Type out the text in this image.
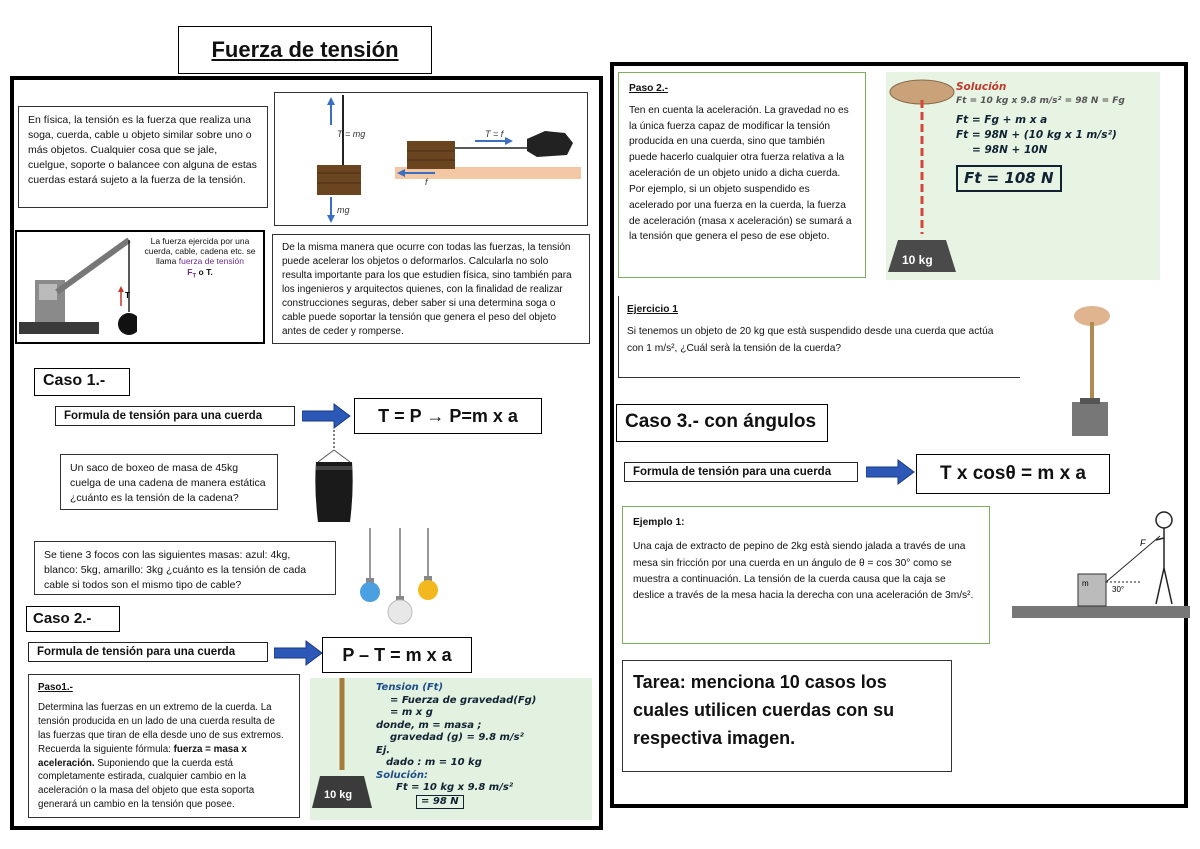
Fuerza de tensión
En física, la tensión es la fuerza que realiza una soga, cuerda, cable u objeto similar sobre uno o más objetos. Cualquier cosa que se jale, cuelgue, soporte o balancee con alguna de estas cuerdas estará sujeto a la fuerza de la tensión.
T = mg
mg
T = f
f
T
La fuerza ejercida por una cuerda, cable, cadena etc. se llama fuerza de tensión
$F_T$ o T.
De la misma manera que ocurre con todas las fuerzas, la tensión puede acelerar los objetos o deformarlos. Calcularla no solo resulta importante para los que estudien física, sino también para los ingenieros y arquitectos quienes, con la finalidad de realizar construcciones seguras, deber saber si una determina soga o cable puede soportar la tensión que genera el peso del objeto antes de ceder y romperse.
Caso 1.-
Formula de tensión para una cuerda	T = P → P=m x a
Un saco de boxeo de masa de 45kg cuelga de una cadena de manera estática ¿cuánto es la tensión de la cadena?
Se tiene 3 focos con las siguientes masas: azul: 4kg, blanco: 5kg, amarillo: 3kg ¿cuánto es la tensión de cada cable si todos son el mismo tipo de cable?
Caso 2.-
Formula de tensión para una cuerda	P – T = m x a
Paso1.-
Determina las fuerzas en un extremo de la cuerda. La tensión producida en un lado de una cuerda resulta de las fuerzas que tiran de ella desde uno de sus extremos. Recuerda la siguiente fórmula: fuerza = masa x aceleración. Suponiendo que la cuerda está completamente estirada, cualquier cambio en la aceleración o la masa del objeto que esta soporta generará un cambio en la tensión que posee.
10 kg
Tension (Ft)
= Fuerza de gravedad(Fg)
= m x g
donde, m = masa ;
gravedad (g) = 9.8 m/s²
Ej.
dado : m = 10 kg
Solución:
Ft = 10 kg x 9.8 m/s²
= 98 N
Paso 2.-
Ten en cuenta la aceleración. La gravedad no es la única fuerza capaz de modificar la tensión producida en una cuerda, sino que también puede hacerlo cualquier otra fuerza relativa a la aceleración de un objeto unido a dicha cuerda. Por ejemplo, si un objeto suspendido es acelerado por una fuerza en la cuerda, la fuerza de aceleración (masa x aceleración) se sumará a la tensión que genera el peso de ese objeto.
10 kg
Solución
Ft = 10 kg x 9.8 m/s² = 98 N = Fg
Ft = Fg + m x a
Ft = 98N + (10 kg x 1 m/s²)
= 98N + 10N
Ft = 108 N
Ejercicio 1
Si tenemos un objeto de 20 kg que està suspendido desde una cuerda que actúa con 1 m/s², ¿Cuál serà la tensión de la cuerda?
Caso 3.- con ángulos
Formula de tensión para una cuerda	T x cosθ = m x a
Ejemplo 1:
Una caja de extracto de pepino de 2kg està siendo jalada a través de una mesa sin fricción por una cuerda en un ángulo de θ = cos 30° como se muestra a continuación. La tensión de la cuerda causa que la caja se deslice a través de la mesa hacia la derecha con una aceleración de 3m/s².
m
30°
F
Tarea: menciona 10 casos los cuales utilicen cuerdas con su respectiva imagen.
